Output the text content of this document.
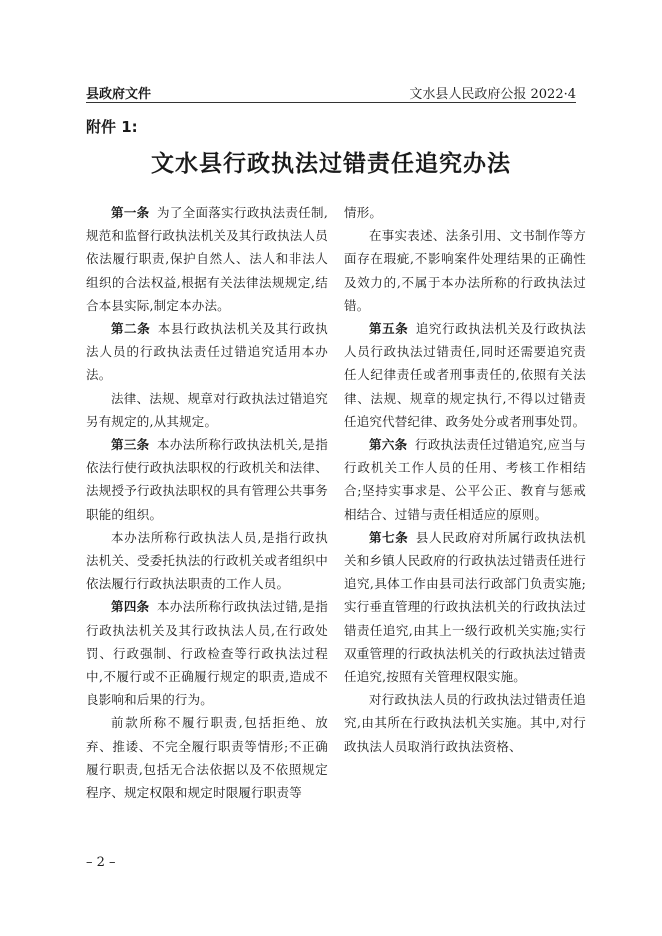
县政府文件	文水县人民政府公报 2022·4
附件 1:
文水县行政执法过错责任追究办法

第一条 为了全面落实行政执法责任制,规范和监督行政执法机关及其行政执法人员依法履行职责,保护自然人、法人和非法人组织的合法权益,根据有关法律法规规定,结合本县实际,制定本办法。

第二条 本县行政执法机关及其行政执法人员的行政执法责任过错追究适用本办法。

法律、法规、规章对行政执法过错追究另有规定的,从其规定。

第三条 本办法所称行政执法机关,是指依法行使行政执法职权的行政机关和法律、法规授予行政执法职权的具有管理公共事务职能的组织。

本办法所称行政执法人员,是指行政执法机关、受委托执法的行政机关或者组织中依法履行行政执法职责的工作人员。

第四条 本办法所称行政执法过错,是指行政执法机关及其行政执法人员,在行政处罚、行政强制、行政检查等行政执法过程中,不履行或不正确履行规定的职责,造成不良影响和后果的行为。

前款所称不履行职责,包括拒绝、放弃、推诿、不完全履行职责等情形;不正确履行职责,包括无合法依据以及不依照规定程序、规定权限和规定时限履行职责等

情形。

在事实表述、法条引用、文书制作等方面存在瑕疵,不影响案件处理结果的正确性及效力的,不属于本办法所称的行政执法过错。

第五条 追究行政执法机关及行政执法人员行政执法过错责任,同时还需要追究责任人纪律责任或者刑事责任的,依照有关法律、法规、规章的规定执行,不得以过错责任追究代替纪律、政务处分或者刑事处罚。

第六条 行政执法责任过错追究,应当与行政机关工作人员的任用、考核工作相结合;坚持实事求是、公平公正、教育与惩戒相结合、过错与责任相适应的原则。

第七条 县人民政府对所属行政执法机关和乡镇人民政府的行政执法过错责任进行追究,具体工作由县司法行政部门负责实施;实行垂直管理的行政执法机关的行政执法过错责任追究,由其上一级行政机关实施;实行双重管理的行政执法机关的行政执法过错责任追究,按照有关管理权限实施。

对行政执法人员的行政执法过错责任追究,由其所在行政执法机关实施。其中,对行政执法人员取消行政执法资格、

– 2 –
